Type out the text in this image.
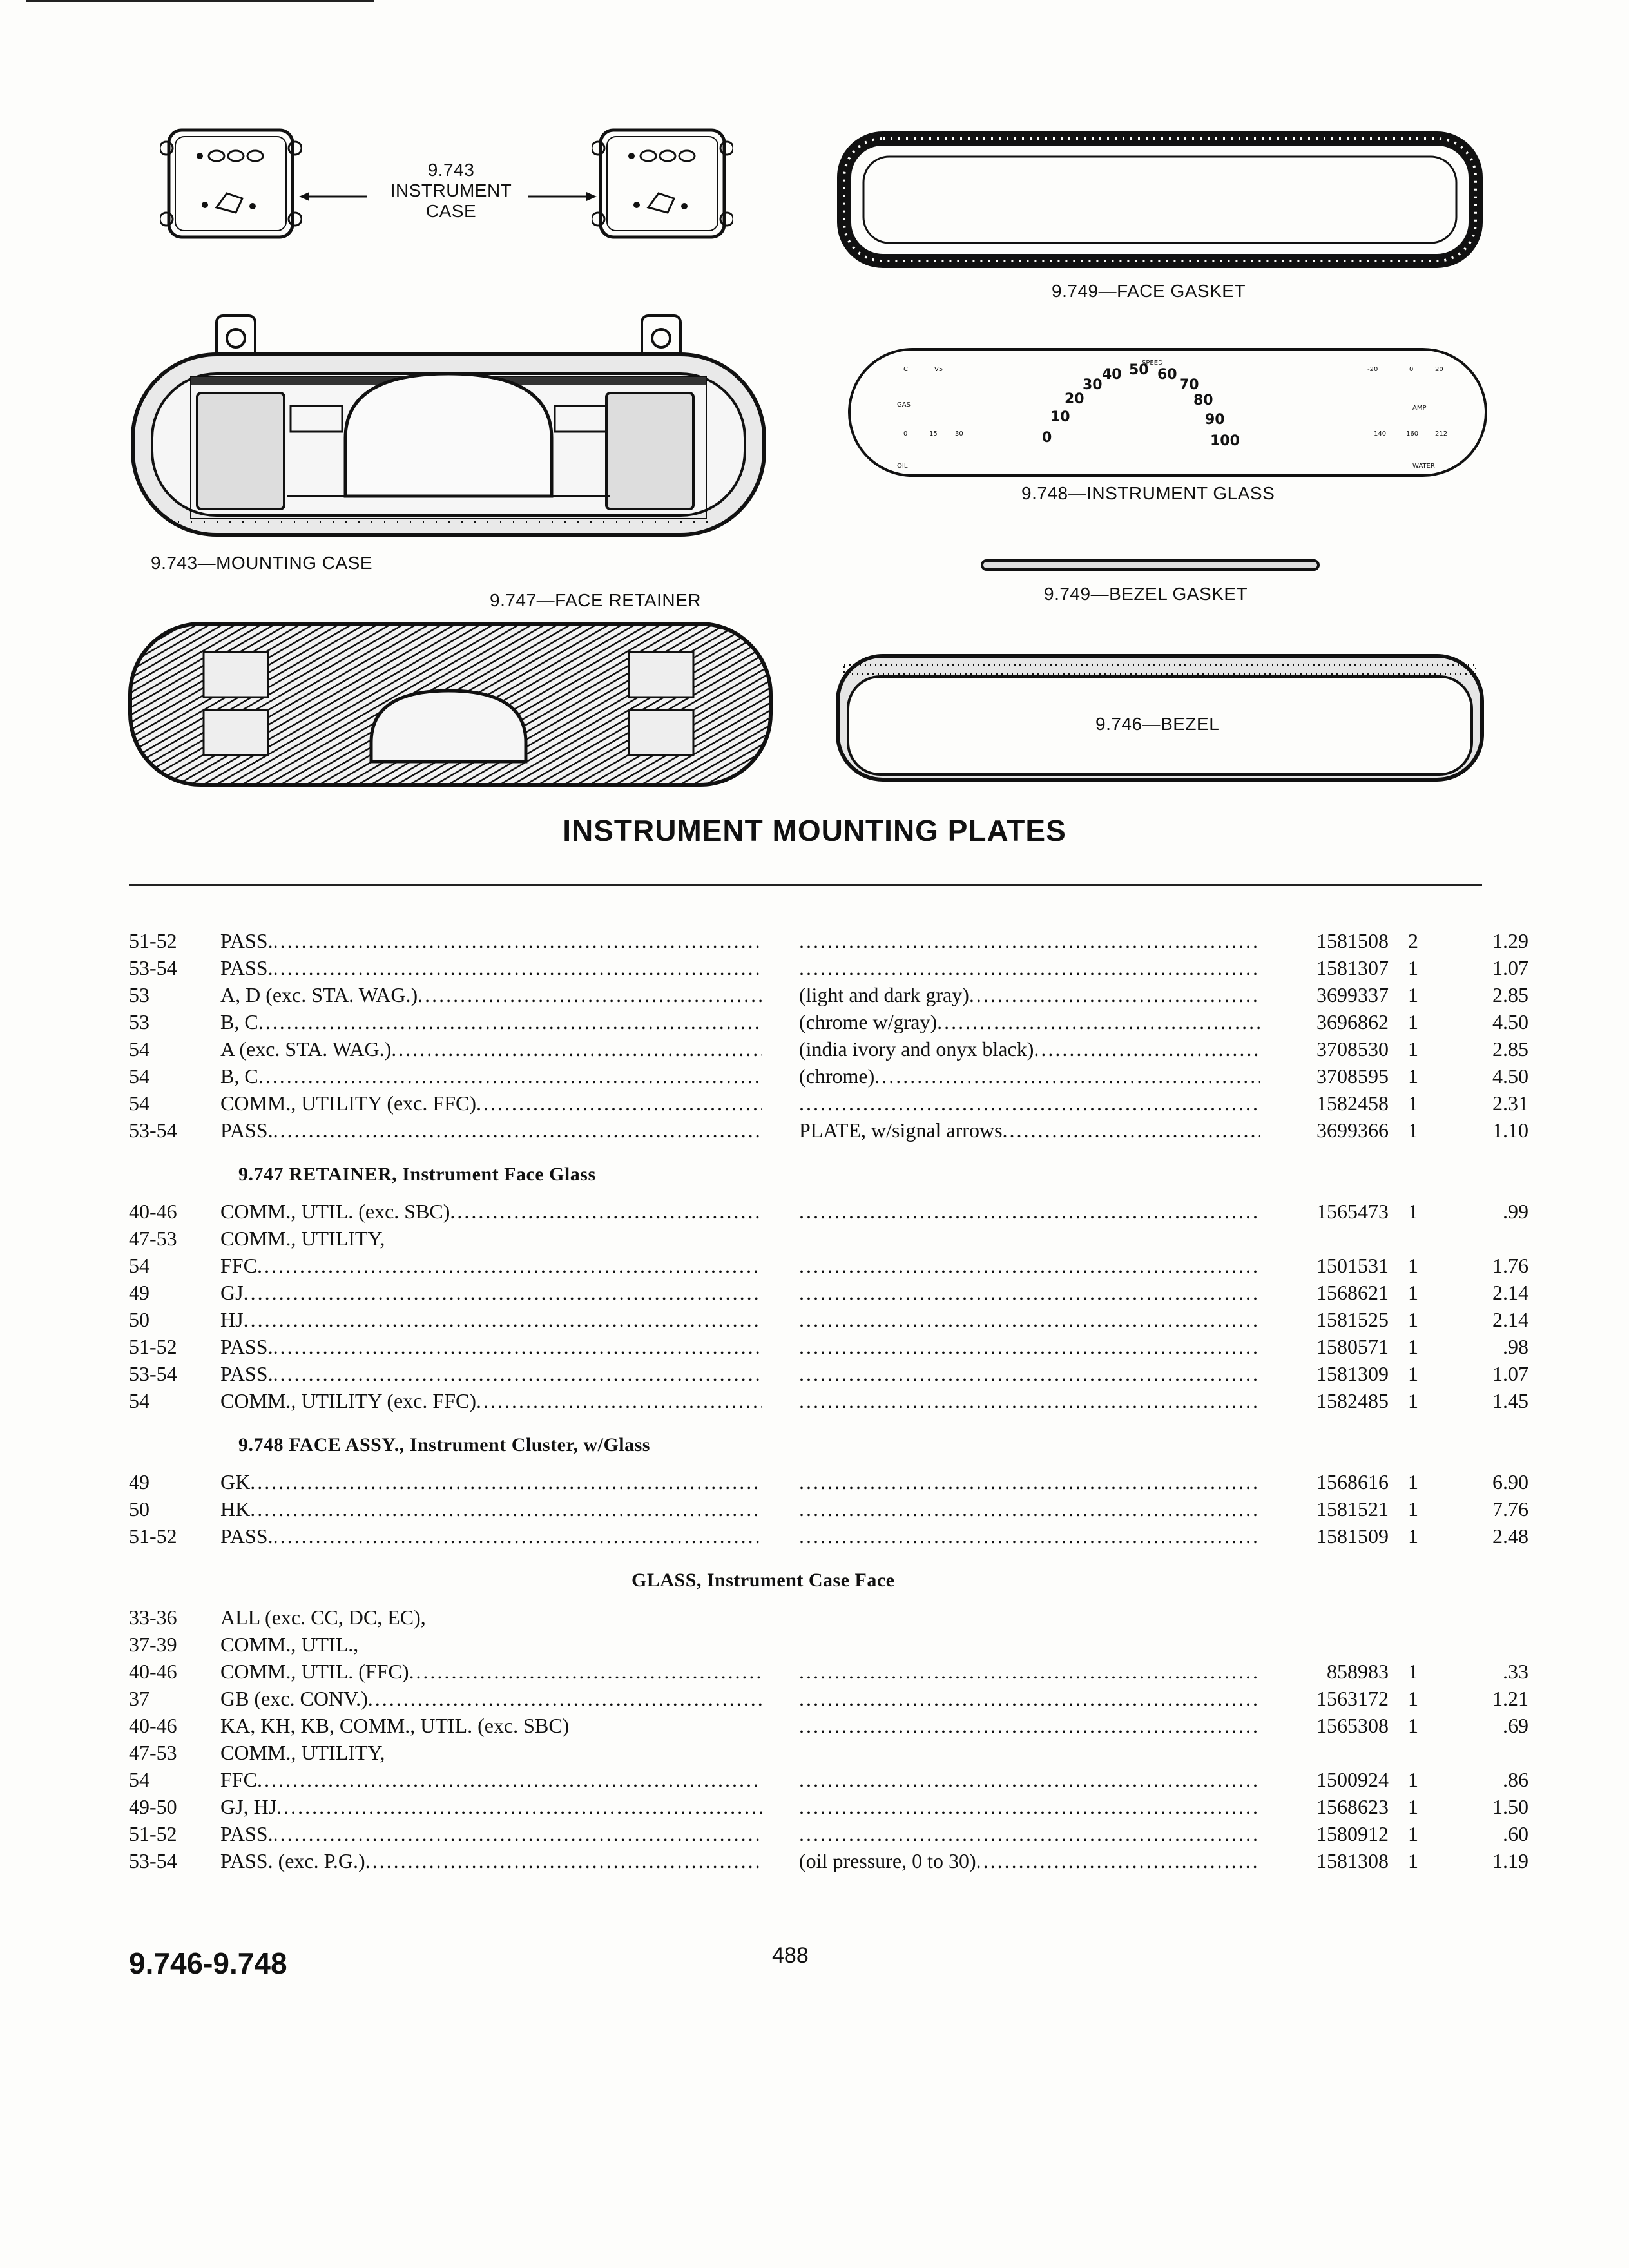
9.743
INSTRUMENT
CASE
9.749—FACE GASKET
9.743—MOUNTING CASE
C	V5
GAS
0	15	30
OIL
SPEED
-20	0	20
AMP
140	160	212
WATER
0
10
20
30
40 50 60
70
80
90
100
9.748—INSTRUMENT GLASS
9.749—BEZEL GASKET
9.747—FACE RETAINER
9.746—BEZEL
INSTRUMENT MOUNTING PLATES
51-52 PASS. ..... .....	1581508 2	1.29
53-54 PASS. ..... .....	1581307 1	1.07
53	A, D (exc. STA. WAG.) .....	(light and dark gray) .....	3699337 1	2.85
53	B, C .....	(chrome w/gray) .....	3696862 1	4.50
54	A (exc. STA. WAG.) .....	(india ivory and onyx black) .....	3708530 1	2.85
54	B, C .....	(chrome) .....	3708595 1	4.50
54	COMM., UTILITY (exc. FFC) ..... .....	1582458 1	2.31
53-54 PASS. .....	PLATE, w/signal arrows .....	3699366 1	1.10
9.747 RETAINER, Instrument Face Glass
40-46 COMM., UTIL. (exc. SBC) ..... .....	1565473 1	.99
47-53 COMM., UTILITY,
54	FFC ..... .....	1501531 1	1.76
49	GJ ..... .....	1568621 1	2.14
50	HJ ..... .....	1581525 1	2.14
51-52 PASS. ..... .....	1580571 1	.98
53-54 PASS. ..... .....	1581309 1	1.07
54	COMM., UTILITY (exc. FFC) ..... .....	1582485 1	1.45
9.748 FACE ASSY., Instrument Cluster, w/Glass
49	GK ..... .....	1568616 1	6.90
50	HK ..... .....	1581521 1	7.76
51-52 PASS. ..... .....	1581509 1	2.48
GLASS, Instrument Case Face
33-36 ALL (exc. CC, DC, EC),
37-39 COMM., UTIL.,
40-46 COMM., UTIL. (FFC) ..... .....	858983 1	.33
37	GB (exc. CONV.) ..... .....	1563172 1	1.21
40-46 KA, KH, KB, COMM., UTIL. (exc. SBC) .....	1565308 1	.69
47-53 COMM., UTILITY,
54	FFC ..... .....	1500924 1	.86
49-50 GJ, HJ ..... .....	1568623 1	1.50
51-52 PASS. ..... .....	1580912 1	.60
53-54 PASS. (exc. P.G.) .....	(oil pressure, 0 to 30) .....	1581308 1	1.19
9.746-9.748	488
